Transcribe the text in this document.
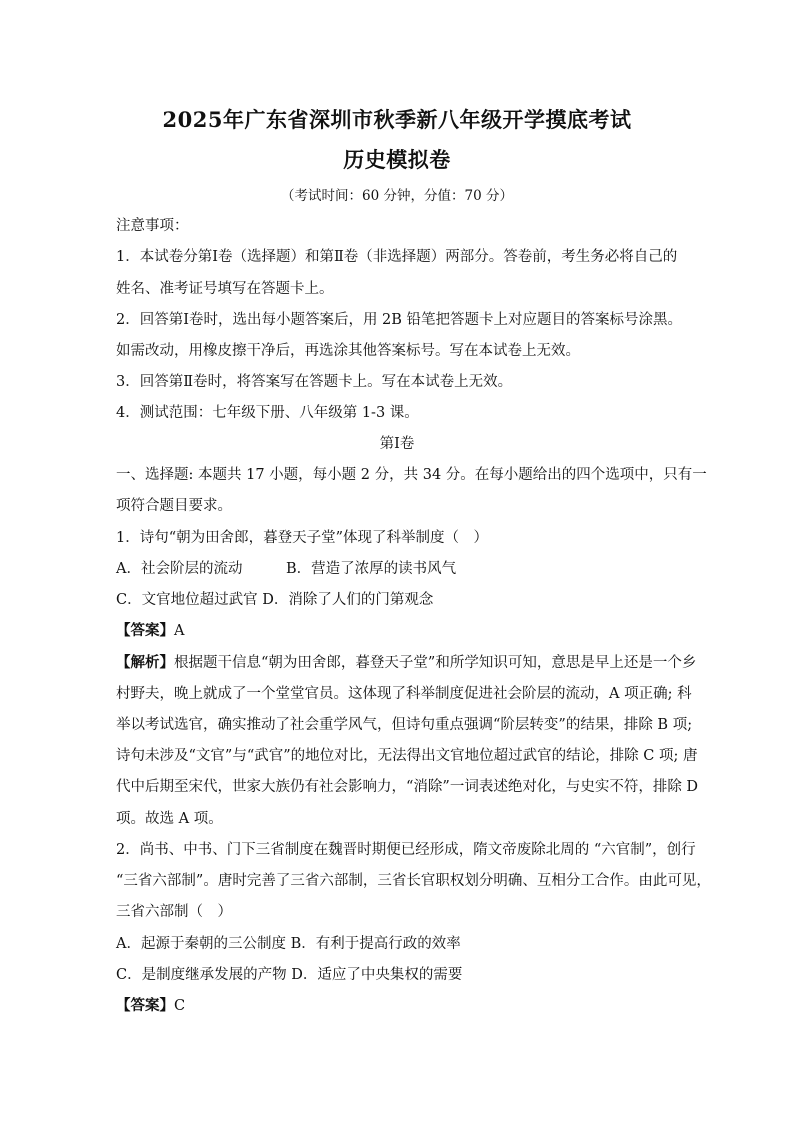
2025年广东省深圳市秋季新八年级开学摸底考试
历史模拟卷
（考试时间：60 分钟，分值：70 分）
注意事项：
1．本试卷分第Ⅰ卷（选择题）和第Ⅱ卷（非选择题）两部分。答卷前，考生务必将自己的
姓名、准考证号填写在答题卡上。
2．回答第Ⅰ卷时，选出每小题答案后，用 2B 铅笔把答题卡上对应题目的答案标号涂黑。
如需改动，用橡皮擦干净后，再选涂其他答案标号。写在本试卷上无效。
3．回答第Ⅱ卷时，将答案写在答题卡上。写在本试卷上无效。
4．测试范围：七年级下册、八年级第 1-3 课。
第Ⅰ卷
一、选择题: 本题共 17 小题，每小题 2 分，共 34 分。在每小题给出的四个选项中，只有一
项符合题目要求。
1．诗句“朝为田舍郎，暮登天子堂”体现了科举制度（　）
A．社会阶层的流动　　　B．营造了浓厚的读书风气
C．文官地位超过武官 D．消除了人们的门第观念
【答案】A
【解析】根据题干信息“朝为田舍郎，暮登天子堂”和所学知识可知，意思是早上还是一个乡
村野夫，晚上就成了一个堂堂官员。这体现了科举制度促进社会阶层的流动，A 项正确; 科
举以考试选官，确实推动了社会重学风气，但诗句重点强调“阶层转变”的结果，排除 B 项;
诗句未涉及“文官”与“武官”的地位对比，无法得出文官地位超过武官的结论，排除 C 项; 唐
代中后期至宋代，世家大族仍有社会影响力，“消除”一词表述绝对化，与史实不符，排除 D
项。故选 A 项。
2．尚书、中书、门下三省制度在魏晋时期便已经形成，隋文帝废除北周的 “六官制”，创行
“三省六部制”。唐时完善了三省六部制，三省长官职权划分明确、互相分工合作。由此可见，
三省六部制（　）
A．起源于秦朝的三公制度 B．有利于提高行政的效率
C．是制度继承发展的产物 D．适应了中央集权的需要
【答案】C
